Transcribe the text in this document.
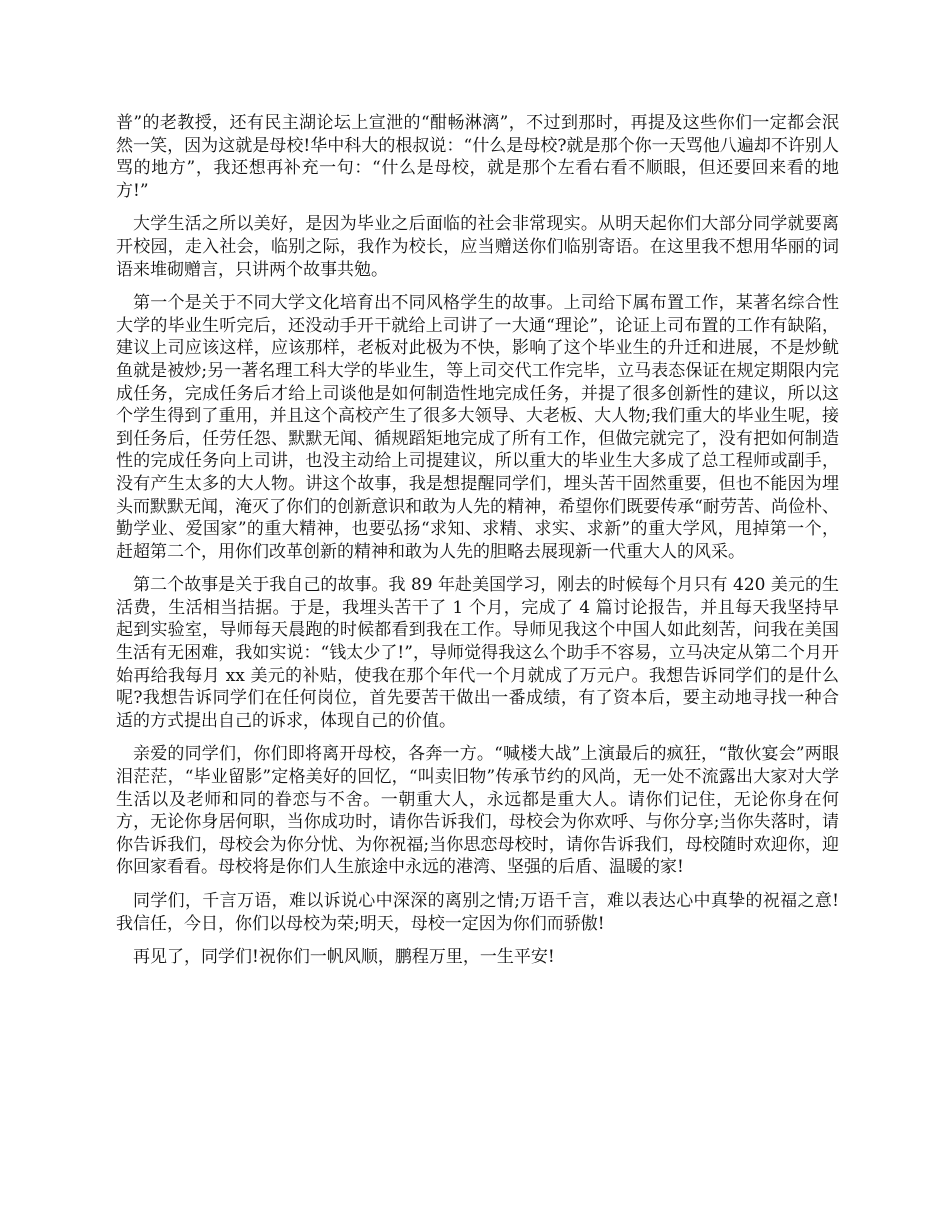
普”的老教授，还有民主湖论坛上宣泄的“酣畅淋漓”，不过到那时，再提及这些你们一定都会泯然一笑，因为这就是母校!华中科大的根叔说：“什么是母校?就是那个你一天骂他八遍却不许别人骂的地方”，我还想再补充一句：“什么是母校，就是那个左看右看不顺眼，但还要回来看的地方!”

大学生活之所以美好，是因为毕业之后面临的社会非常现实。从明天起你们大部分同学就要离开校园，走入社会，临别之际，我作为校长，应当赠送你们临别寄语。在这里我不想用华丽的词语来堆砌赠言，只讲两个故事共勉。

第一个是关于不同大学文化培育出不同风格学生的故事。上司给下属布置工作，某著名综合性大学的毕业生听完后，还没动手开干就给上司讲了一大通“理论”，论证上司布置的工作有缺陷，建议上司应该这样，应该那样，老板对此极为不快，影响了这个毕业生的升迁和进展，不是炒鱿鱼就是被炒;另一著名理工科大学的毕业生，等上司交代工作完毕，立马表态保证在规定期限内完成任务，完成任务后才给上司谈他是如何制造性地完成任务，并提了很多创新性的建议，所以这个学生得到了重用，并且这个高校产生了很多大领导、大老板、大人物;我们重大的毕业生呢，接到任务后，任劳任怨、默默无闻、循规蹈矩地完成了所有工作，但做完就完了，没有把如何制造性的完成任务向上司讲，也没主动给上司提建议，所以重大的毕业生大多成了总工程师或副手，没有产生太多的大人物。讲这个故事，我是想提醒同学们，埋头苦干固然重要，但也不能因为埋头而默默无闻，淹灭了你们的创新意识和敢为人先的精神，希望你们既要传承“耐劳苦、尚俭朴、勤学业、爱国家”的重大精神，也要弘扬“求知、求精、求实、求新”的重大学风，甩掉第一个，赶超第二个，用你们改革创新的精神和敢为人先的胆略去展现新一代重大人的风采。

第二个故事是关于我自己的故事。我 89 年赴美国学习，刚去的时候每个月只有 420 美元的生活费，生活相当拮据。于是，我埋头苦干了 1 个月，完成了 4 篇讨论报告，并且每天我坚持早起到实验室，导师每天晨跑的时候都看到我在工作。导师见我这个中国人如此刻苦，问我在美国生活有无困难，我如实说：“钱太少了!”，导师觉得我这么个助手不容易，立马决定从第二个月开始再给我每月 xx 美元的补贴，使我在那个年代一个月就成了万元户。我想告诉同学们的是什么呢?我想告诉同学们在任何岗位，首先要苦干做出一番成绩，有了资本后，要主动地寻找一种合适的方式提出自己的诉求，体现自己的价值。

亲爱的同学们，你们即将离开母校，各奔一方。“喊楼大战”上演最后的疯狂，“散伙宴会”两眼泪茫茫，“毕业留影”定格美好的回忆，“叫卖旧物”传承节约的风尚，无一处不流露出大家对大学生活以及老师和同的眷恋与不舍。一朝重大人，永远都是重大人。请你们记住，无论你身在何方，无论你身居何职，当你成功时，请你告诉我们，母校会为你欢呼、与你分享;当你失落时，请你告诉我们，母校会为你分忧、为你祝福;当你思恋母校时，请你告诉我们，母校随时欢迎你，迎你回家看看。母校将是你们人生旅途中永远的港湾、坚强的后盾、温暖的家!

同学们，千言万语，难以诉说心中深深的离别之情;万语千言，难以表达心中真挚的祝福之意!我信任，今日，你们以母校为荣;明天，母校一定因为你们而骄傲!

再见了，同学们!祝你们一帆风顺，鹏程万里，一生平安!
